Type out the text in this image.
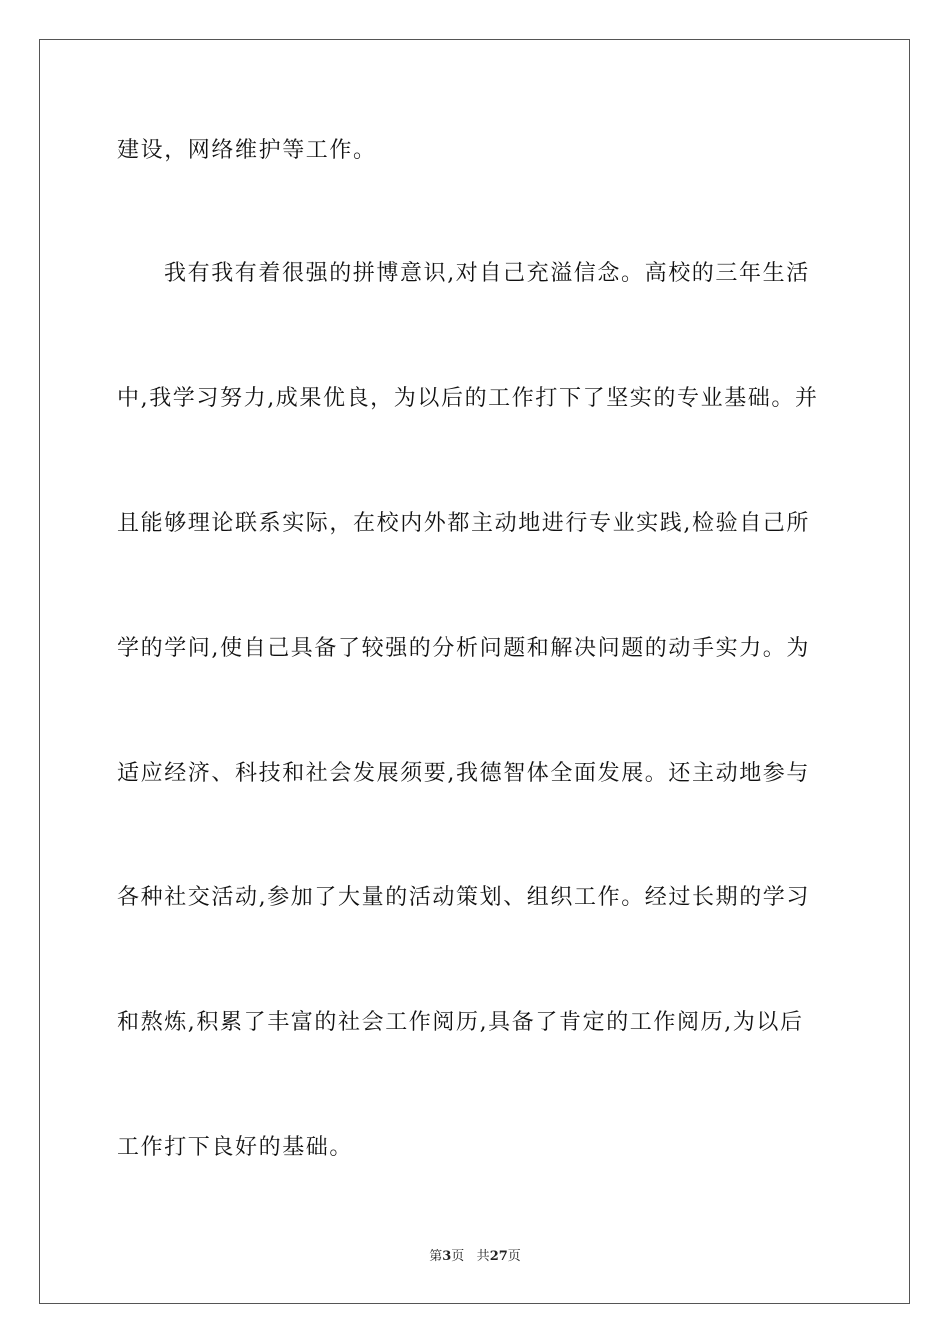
建设，网络维护等工作。
我有我有着很强的拼博意识,对自己充溢信念。高校的三年生活
中,我学习努力,成果优良，为以后的工作打下了坚实的专业基础。并
且能够理论联系实际，在校内外都主动地进行专业实践,检验自己所
学的学问,使自己具备了较强的分析问题和解决问题的动手实力。为
适应经济、科技和社会发展须要,我德智体全面发展。还主动地参与
各种社交活动,参加了大量的活动策划、组织工作。经过长期的学习
和熬炼,积累了丰富的社会工作阅历,具备了肯定的工作阅历,为以后
工作打下良好的基础。
第3页 共27页
